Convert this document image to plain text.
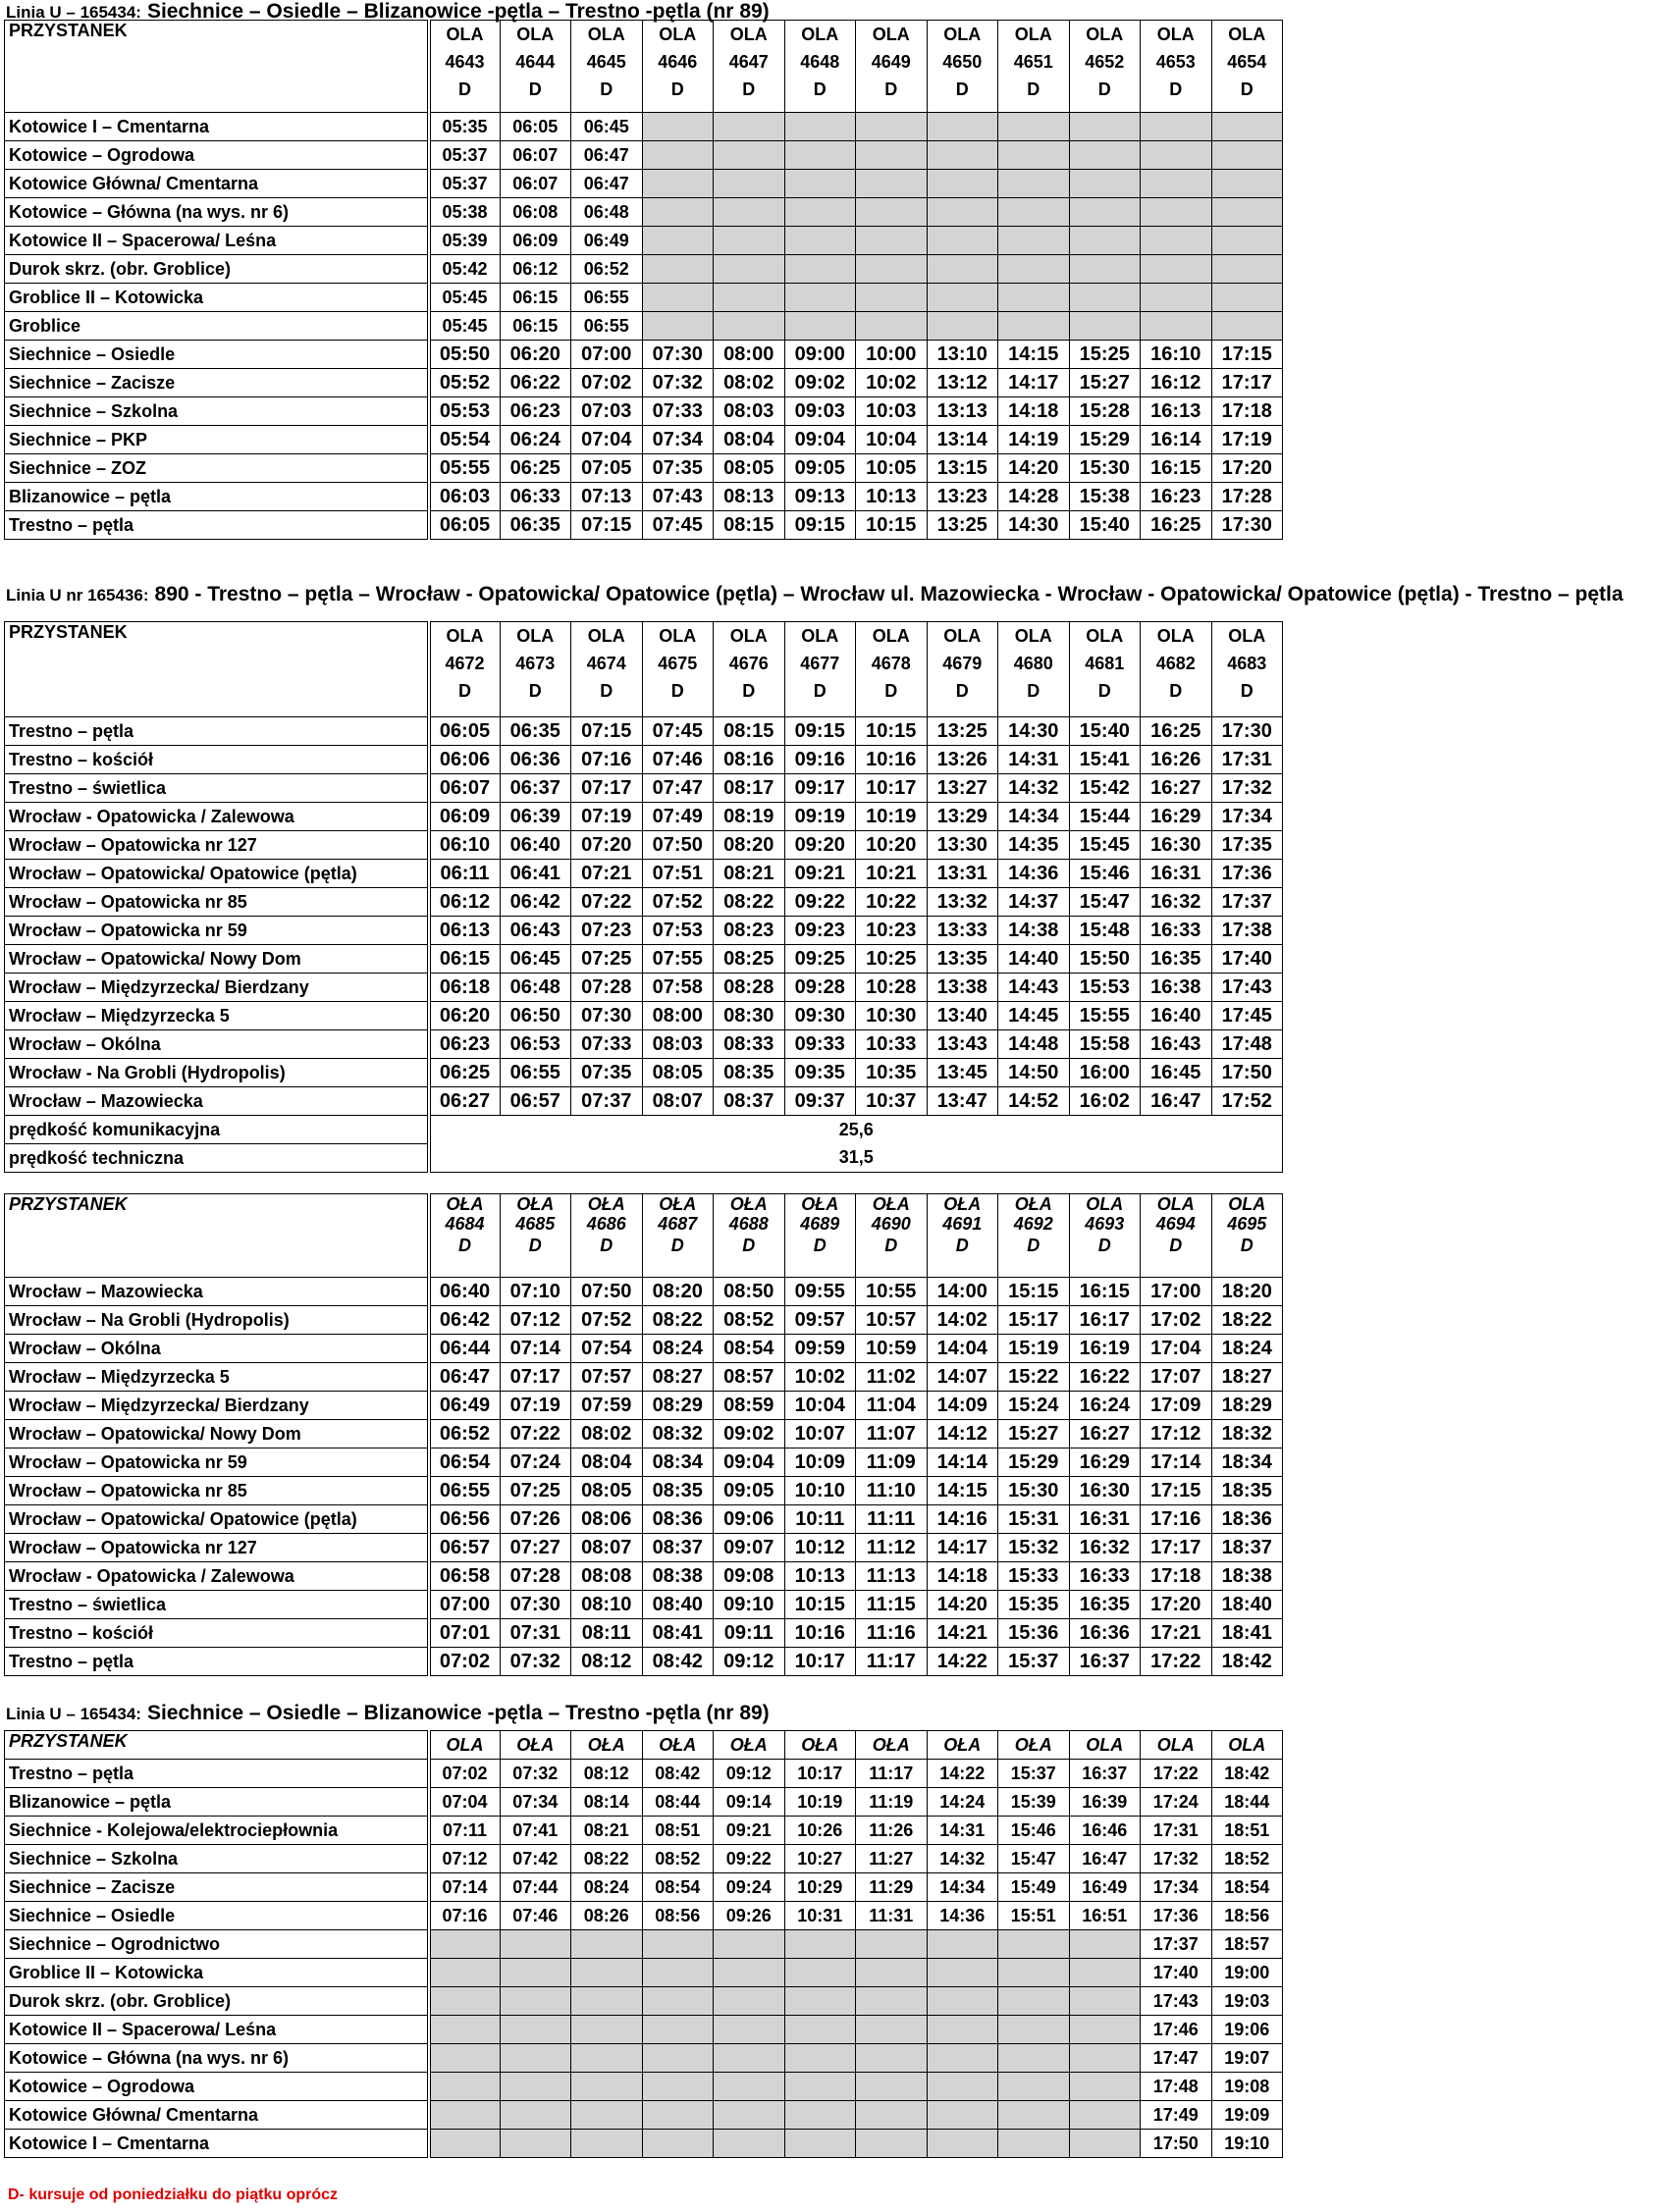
Linia U – 165434: Siechnice – Osiedle – Blizanowice -pętla – Trestno -pętla (nr 89)
PRZYSTANEK	OLA
4643
D	OLA
4644
D	OLA
4645
D	OLA
4646
D	OLA
4647
D	OLA
4648
D	OLA
4649
D	OLA
4650
D	OLA
4651
D	OLA
4652
D	OLA
4653
D	OLA
4654
D

Kotowice I – Cmentarna	05:35	06:05	06:45									
Kotowice – Ogrodowa	05:37	06:07	06:47									
Kotowice Główna/ Cmentarna	05:37	06:07	06:47									
Kotowice – Główna (na wys. nr 6)	05:38	06:08	06:48									
Kotowice II – Spacerowa/ Leśna	05:39	06:09	06:49									
Durok skrz. (obr. Groblice)	05:42	06:12	06:52									
Groblice II – Kotowicka	05:45	06:15	06:55									
Groblice	05:45	06:15	06:55									
Siechnice – Osiedle	05:50	06:20	07:00	07:30	08:00	09:00	10:00	13:10	14:15	15:25	16:10	17:15
Siechnice – Zacisze	05:52	06:22	07:02	07:32	08:02	09:02	10:02	13:12	14:17	15:27	16:12	17:17
Siechnice – Szkolna	05:53	06:23	07:03	07:33	08:03	09:03	10:03	13:13	14:18	15:28	16:13	17:18
Siechnice – PKP	05:54	06:24	07:04	07:34	08:04	09:04	10:04	13:14	14:19	15:29	16:14	17:19
Siechnice – ZOZ	05:55	06:25	07:05	07:35	08:05	09:05	10:05	13:15	14:20	15:30	16:15	17:20
Blizanowice – pętla	06:03	06:33	07:13	07:43	08:13	09:13	10:13	13:23	14:28	15:38	16:23	17:28
Trestno – pętla	06:05	06:35	07:15	07:45	08:15	09:15	10:15	13:25	14:30	15:40	16:25	17:30
Linia U nr 165436: 890 - Trestno – pętla – Wrocław - Opatowicka/ Opatowice (pętla) – Wrocław ul. Mazowiecka - Wrocław - Opatowicka/ Opatowice (pętla) - Trestno – pętla
PRZYSTANEK	OLA
4672
D	OLA
4673
D	OLA
4674
D	OLA
4675
D	OLA
4676
D	OLA
4677
D	OLA
4678
D	OLA
4679
D	OLA
4680
D	OLA
4681
D	OLA
4682
D	OLA
4683
D

Trestno – pętla	06:05	06:35	07:15	07:45	08:15	09:15	10:15	13:25	14:30	15:40	16:25	17:30
Trestno – kościół	06:06	06:36	07:16	07:46	08:16	09:16	10:16	13:26	14:31	15:41	16:26	17:31
Trestno – świetlica	06:07	06:37	07:17	07:47	08:17	09:17	10:17	13:27	14:32	15:42	16:27	17:32
Wrocław - Opatowicka / Zalewowa	06:09	06:39	07:19	07:49	08:19	09:19	10:19	13:29	14:34	15:44	16:29	17:34
Wrocław – Opatowicka nr 127	06:10	06:40	07:20	07:50	08:20	09:20	10:20	13:30	14:35	15:45	16:30	17:35
Wrocław – Opatowicka/ Opatowice (pętla)	06:11	06:41	07:21	07:51	08:21	09:21	10:21	13:31	14:36	15:46	16:31	17:36
Wrocław – Opatowicka nr 85	06:12	06:42	07:22	07:52	08:22	09:22	10:22	13:32	14:37	15:47	16:32	17:37
Wrocław – Opatowicka nr 59	06:13	06:43	07:23	07:53	08:23	09:23	10:23	13:33	14:38	15:48	16:33	17:38
Wrocław – Opatowicka/ Nowy Dom	06:15	06:45	07:25	07:55	08:25	09:25	10:25	13:35	14:40	15:50	16:35	17:40
Wrocław – Międzyrzecka/ Bierdzany	06:18	06:48	07:28	07:58	08:28	09:28	10:28	13:38	14:43	15:53	16:38	17:43
Wrocław – Międzyrzecka 5	06:20	06:50	07:30	08:00	08:30	09:30	10:30	13:40	14:45	15:55	16:40	17:45
Wrocław – Okólna	06:23	06:53	07:33	08:03	08:33	09:33	10:33	13:43	14:48	15:58	16:43	17:48
Wrocław - Na Grobli (Hydropolis)	06:25	06:55	07:35	08:05	08:35	09:35	10:35	13:45	14:50	16:00	16:45	17:50
Wrocław – Mazowiecka	06:27	06:57	07:37	08:07	08:37	09:37	10:37	13:47	14:52	16:02	16:47	17:52
prędkość komunikacyjna	25,6											
prędkość techniczna	31,5											
PRZYSTANEK	OŁA
4684
D	OŁA
4685
D	OŁA
4686
D	OŁA
4687
D	OŁA
4688
D	OŁA
4689
D	OŁA
4690
D	OŁA
4691
D	OŁA
4692
D	OLA
4693
D	OLA
4694
D	OLA
4695
D

Wrocław – Mazowiecka	06:40	07:10	07:50	08:20	08:50	09:55	10:55	14:00	15:15	16:15	17:00	18:20
Wrocław – Na Grobli (Hydropolis)	06:42	07:12	07:52	08:22	08:52	09:57	10:57	14:02	15:17	16:17	17:02	18:22
Wrocław – Okólna	06:44	07:14	07:54	08:24	08:54	09:59	10:59	14:04	15:19	16:19	17:04	18:24
Wrocław – Międzyrzecka 5	06:47	07:17	07:57	08:27	08:57	10:02	11:02	14:07	15:22	16:22	17:07	18:27
Wrocław – Międzyrzecka/ Bierdzany	06:49	07:19	07:59	08:29	08:59	10:04	11:04	14:09	15:24	16:24	17:09	18:29
Wrocław – Opatowicka/ Nowy Dom	06:52	07:22	08:02	08:32	09:02	10:07	11:07	14:12	15:27	16:27	17:12	18:32
Wrocław – Opatowicka nr 59	06:54	07:24	08:04	08:34	09:04	10:09	11:09	14:14	15:29	16:29	17:14	18:34
Wrocław – Opatowicka nr 85	06:55	07:25	08:05	08:35	09:05	10:10	11:10	14:15	15:30	16:30	17:15	18:35
Wrocław – Opatowicka/ Opatowice (pętla)	06:56	07:26	08:06	08:36	09:06	10:11	11:11	14:16	15:31	16:31	17:16	18:36
Wrocław – Opatowicka nr 127	06:57	07:27	08:07	08:37	09:07	10:12	11:12	14:17	15:32	16:32	17:17	18:37
Wrocław - Opatowicka / Zalewowa	06:58	07:28	08:08	08:38	09:08	10:13	11:13	14:18	15:33	16:33	17:18	18:38
Trestno – świetlica	07:00	07:30	08:10	08:40	09:10	10:15	11:15	14:20	15:35	16:35	17:20	18:40
Trestno – kościół	07:01	07:31	08:11	08:41	09:11	10:16	11:16	14:21	15:36	16:36	17:21	18:41
Trestno – pętla	07:02	07:32	08:12	08:42	09:12	10:17	11:17	14:22	15:37	16:37	17:22	18:42
Linia U – 165434: Siechnice – Osiedle – Blizanowice -pętla – Trestno -pętla (nr 89)
PRZYSTANEK	OLA	OŁA	OŁA	OŁA	OŁA	OŁA	OŁA	OŁA	OŁA	OLA	OLA	OLA

Trestno – pętla	07:02	07:32	08:12	08:42	09:12	10:17	11:17	14:22	15:37	16:37	17:22	18:42
Blizanowice – pętla	07:04	07:34	08:14	08:44	09:14	10:19	11:19	14:24	15:39	16:39	17:24	18:44
Siechnice - Kolejowa/elektrociepłownia	07:11	07:41	08:21	08:51	09:21	10:26	11:26	14:31	15:46	16:46	17:31	18:51
Siechnice – Szkolna	07:12	07:42	08:22	08:52	09:22	10:27	11:27	14:32	15:47	16:47	17:32	18:52
Siechnice – Zacisze	07:14	07:44	08:24	08:54	09:24	10:29	11:29	14:34	15:49	16:49	17:34	18:54
Siechnice – Osiedle	07:16	07:46	08:26	08:56	09:26	10:31	11:31	14:36	15:51	16:51	17:36	18:56
Siechnice – Ogrodnictwo											17:37	18:57
Groblice II – Kotowicka											17:40	19:00
Durok skrz. (obr. Groblice)											17:43	19:03
Kotowice II – Spacerowa/ Leśna											17:46	19:06
Kotowice – Główna (na wys. nr 6)											17:47	19:07
Kotowice – Ogrodowa											17:48	19:08
Kotowice Główna/ Cmentarna											17:49	19:09
Kotowice I – Cmentarna											17:50	19:10
D- kursuje od poniedziałku do piątku oprócz
